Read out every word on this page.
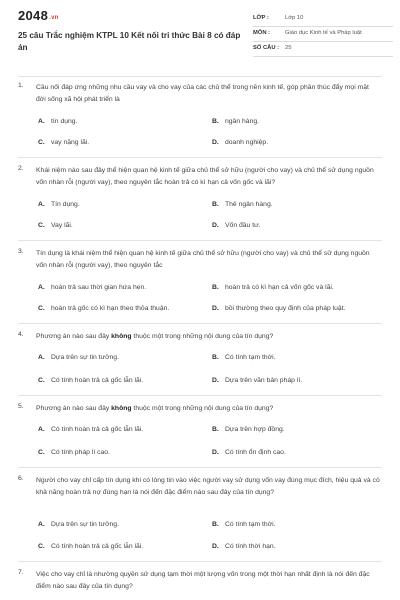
2048.vn
25 câu Trắc nghiệm KTPL 10 Kết nối tri thức Bài 8 có đáp án
LỚP :	Lớp 10
MÔN :	Giáo dục Kinh tế và Pháp luật
SỐ CÂU : 25
1.	Cầu nối đáp ứng những nhu cầu vay và cho vay của các chủ thể trong nền kinh tế, góp phần thúc đẩy mọi mặt đời sống xã hội phát triển là
A. tín dụng.	B. ngân hàng.
C. vay nặng lãi.	D. doanh nghiệp.
2.	Khái niệm nào sau đây thể hiện quan hệ kinh tế giữa chủ thể sở hữu (người cho vay) và chủ thể sử dụng nguồn vốn nhàn rỗi (người vay), theo nguyên tắc hoàn trả có kì hạn cả vốn gốc và lãi?
A. Tín dụng.	B. Thẻ ngân hàng.
C. Vay lãi.	D. Vốn đầu tư.
3.	Tín dụng là khái niệm thể hiện quan hệ kinh tế giữa chủ thể sở hữu (người cho vay) và chủ thể sử dụng nguồn vốn nhàn rỗi (người vay), theo nguyên tắc
A. hoàn trả sau thời gian hứa hẹn.	B. hoàn trả có kì hạn cả vốn gốc và lãi.
C. hoàn trả gốc có kì hạn theo thỏa thuận.	D. bồi thường theo quy định của pháp luật.
4.	Phương án nào sau đây không thuộc một trong những nội dung của tín dụng?
A. Dựa trên sự tin tưởng.	B. Có tính tạm thời.
C. Có tính hoàn trả cả gốc lẫn lãi.	D. Dựa trên văn bản pháp lí.
5.	Phương án nào sau đây không thuộc một trong những nội dung của tín dụng?
A. Có tính hoàn trả cả gốc lẫn lãi.	B. Dựa trên hợp đồng.
C. Có tính pháp lí cao.	D. Có tính ổn định cao.
6.	Người cho vay chỉ cấp tín dụng khi có lòng tin vào việc người vay sử dụng vốn vay đúng mục đích, hiệu quả và có khả năng hoàn trả nợ đúng hạn là nói đến đặc điểm nào sau đây của tín dụng?
A. Dựa trên sự tin tưởng.	B. Có tính tạm thời.
C. Có tính hoàn trả cả gốc lẫn lãi.	D. Có tính thời hạn.
7.	Việc cho vay chỉ là nhường quyền sử dụng tạm thời một lượng vốn trong một thời hạn nhất định là nói đến đặc điểm nào sau đây của tín dụng?
